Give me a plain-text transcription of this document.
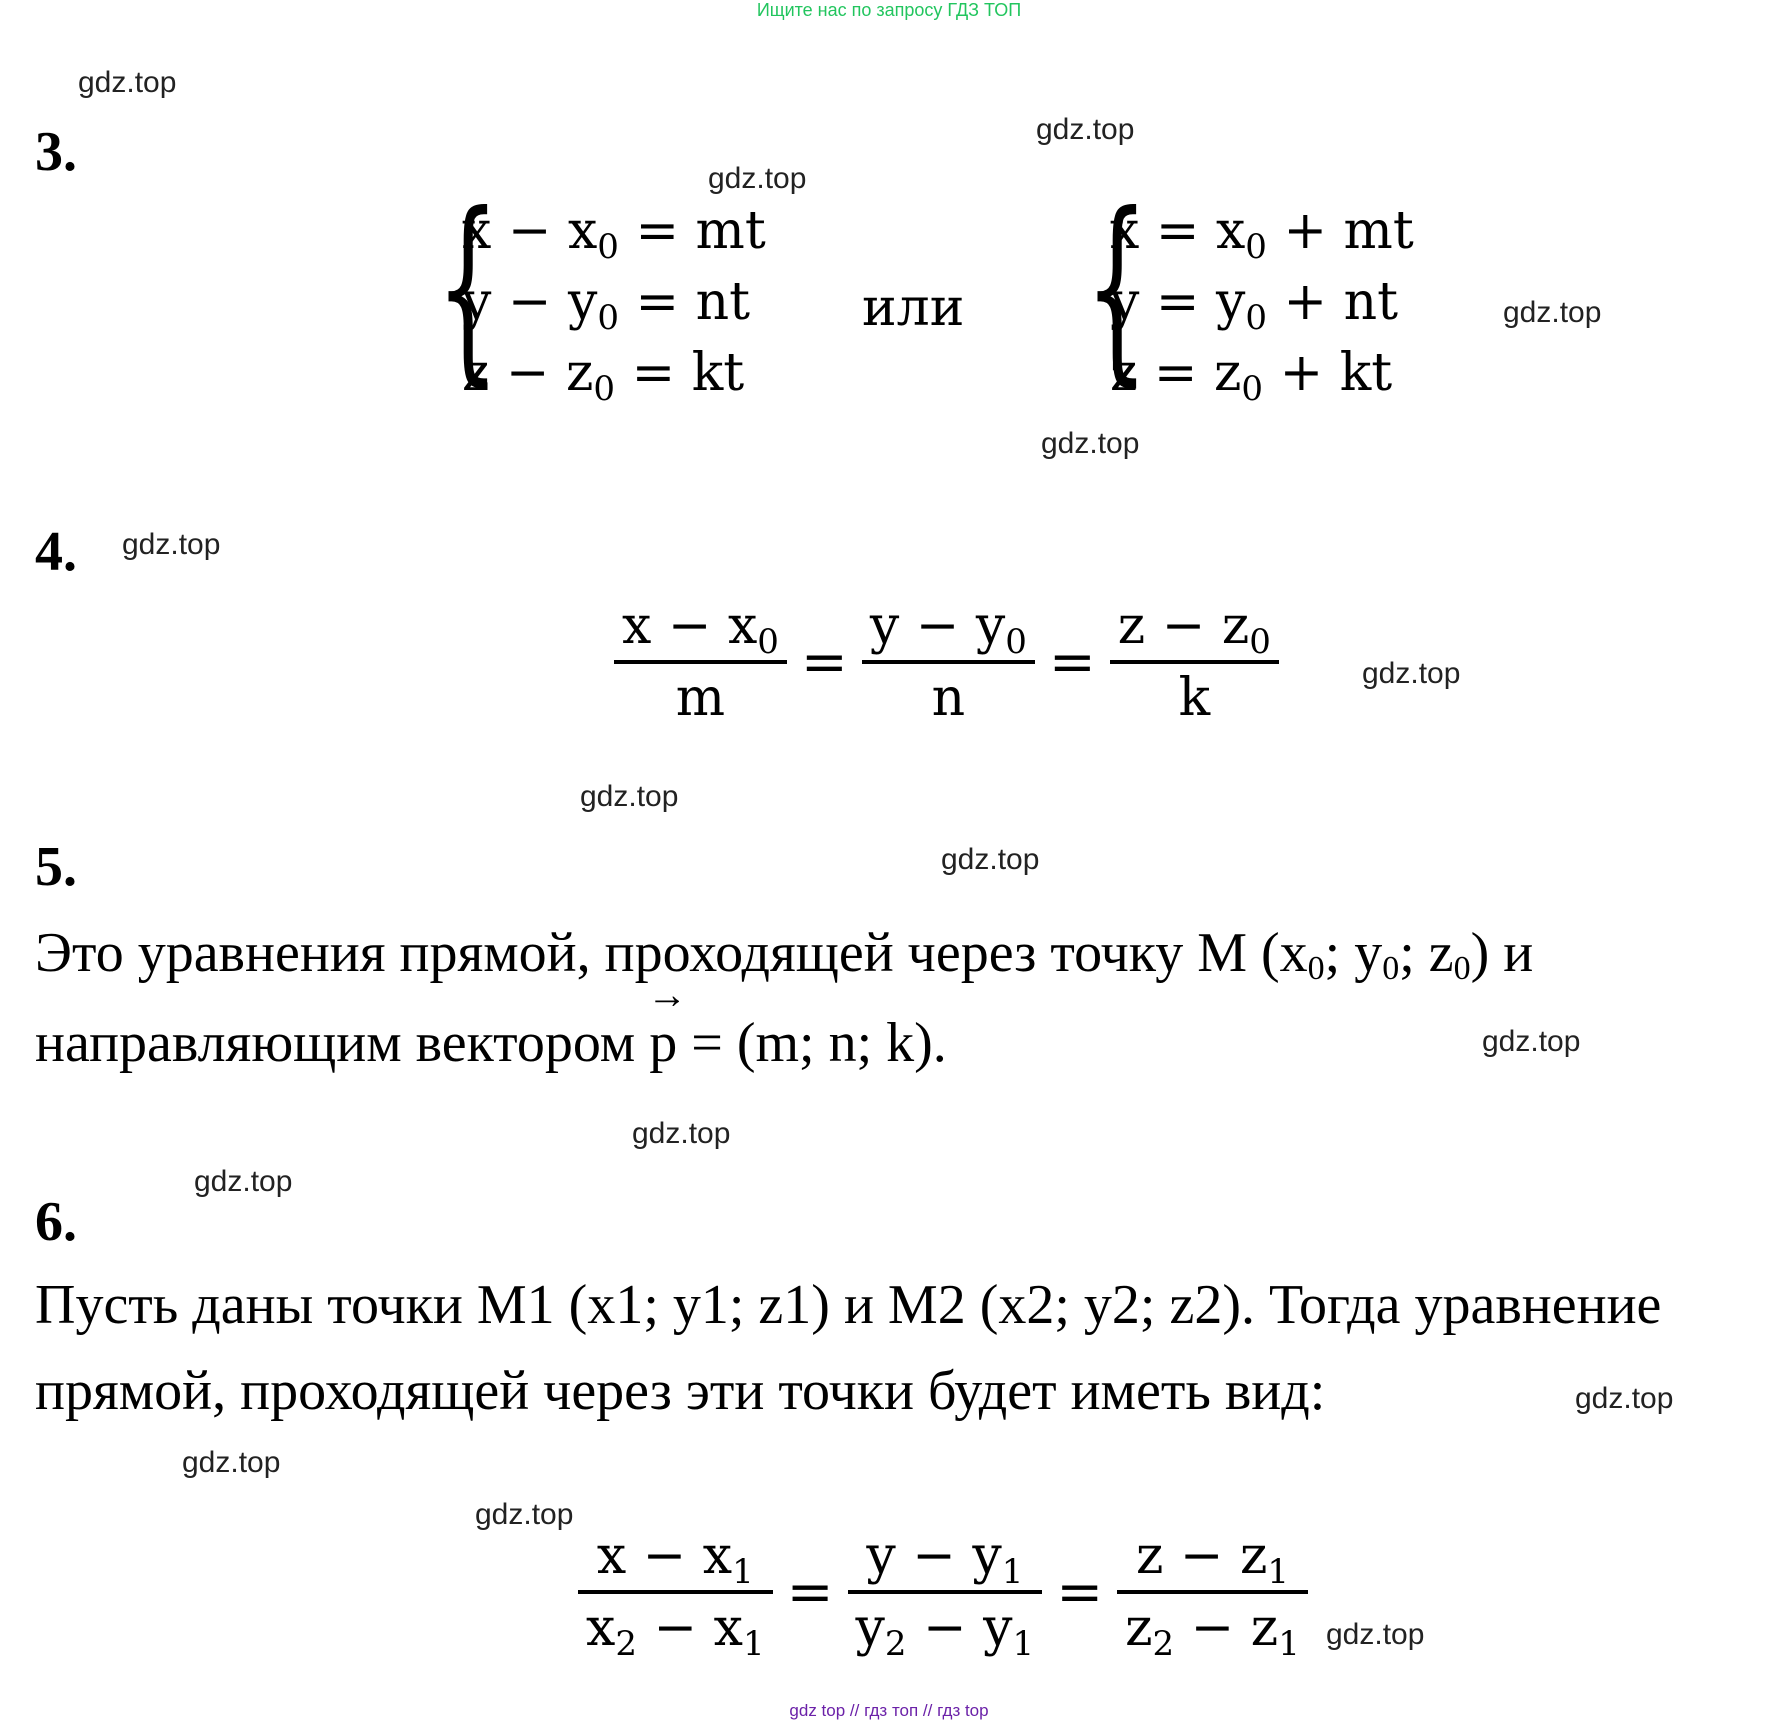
Ищите нас по запросу ГДЗ ТОП
gdz.top
gdz.top
gdz.top
gdz.top
gdz.top
gdz.top
gdz.top
gdz.top
gdz.top
gdz.top
gdz.top
gdz.top
gdz.top
gdz.top
gdz.top
gdz.top
3.
{
$x - x_0$ = mt
$y - y_0$ = nt
$z - z_0$ = kt
или {
$x = x_0$ + mt
$y = y_0$ + nt
$z = z_0$ + kt
4.
$\frac{x - x_0}{m} = \frac{y - y_0}{n} = \frac{z - z_0}{k}$
5.
Это уравнения прямой, проходящей через точку M ($x_0$; $y_0$; $z_0$) и
направляющим вектором
→
p = (m; n; k).
6.
Пусть даны точки M1 (x1; y1; z1) и M2 (x2; y2; z2). Тогда уравнение
прямой, проходящей через эти точки будет иметь вид:
$\frac{x - x_1}{x_2 - x_1} = \frac{y - y_1}{y_2 - y_1} = \frac{z - z_1}{z_2 - z_1}$
gdz top // гдз топ // гдз top
